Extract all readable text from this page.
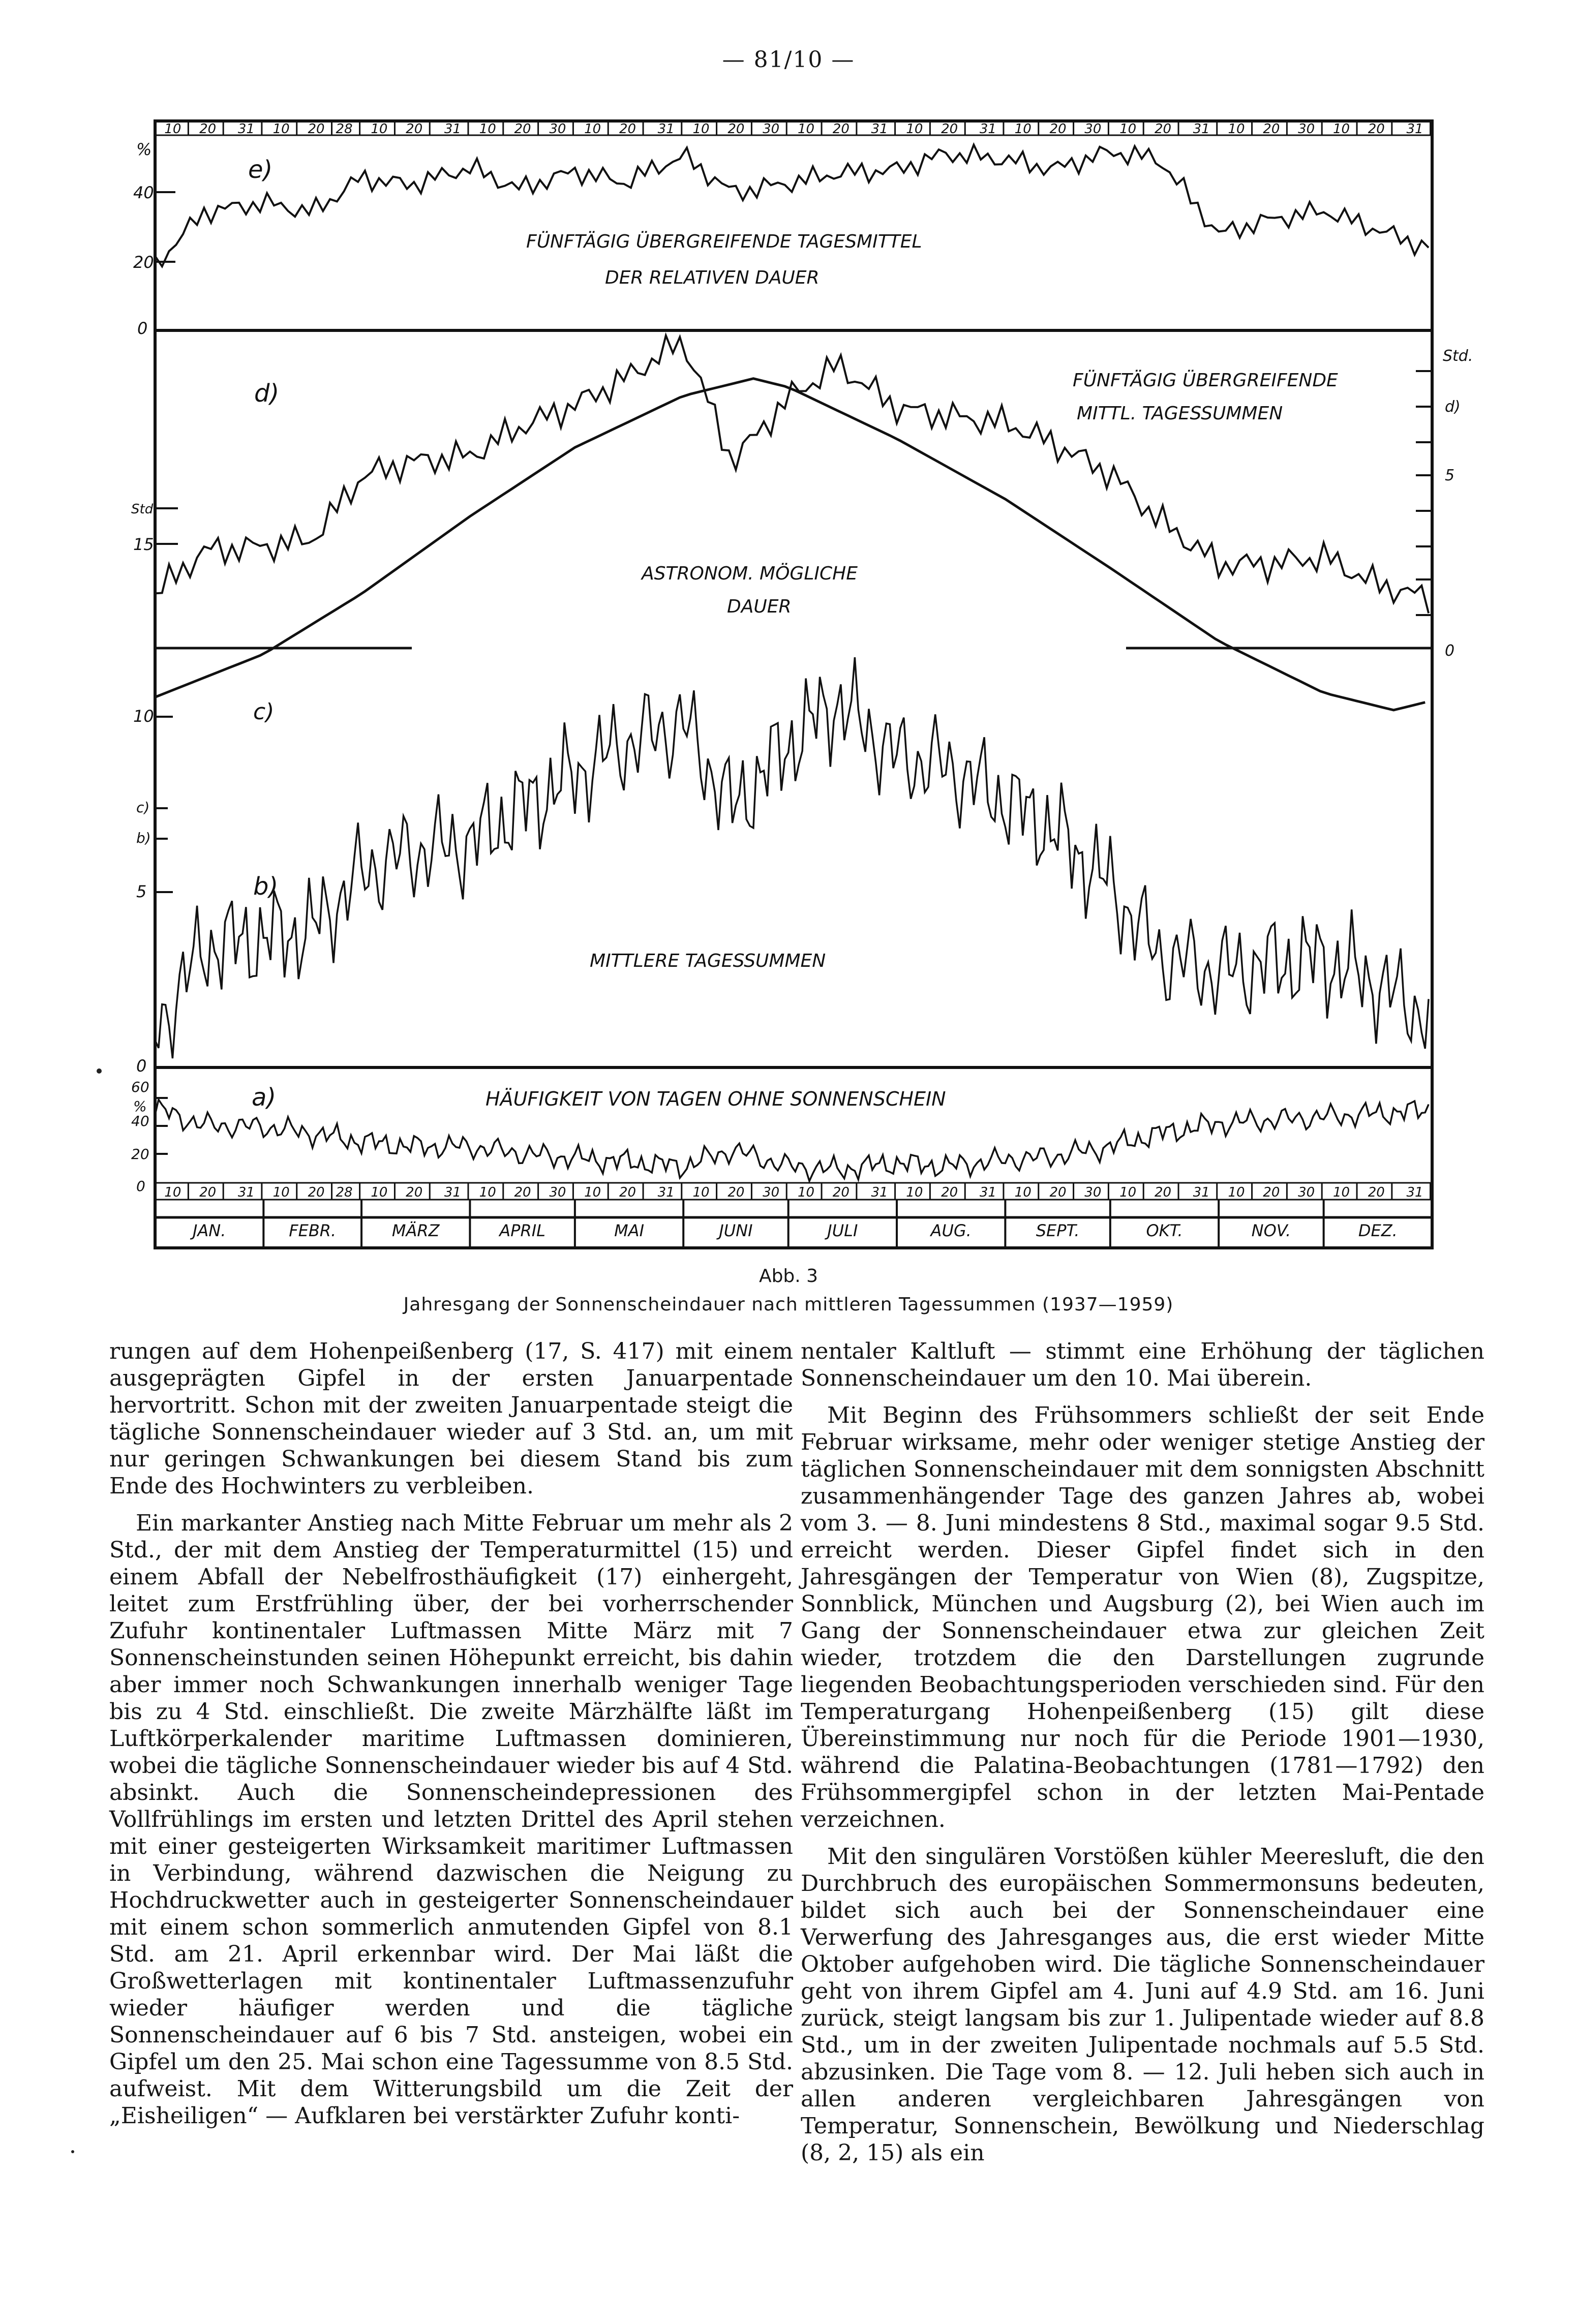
— 81/10 —
10 20 31 10 20 28 10 20 31 10 20 30 10 20 31 10 20 30 10 20 31 10 20 31 10 20 30 10 20 31 10 20 30 10 20 31
10 20 31 10 20 28 10 20 31 10 20 30 10 20 31 10 20 30 10 20 31 10 20 31 10 20 30 10 20 31 10 20 30 10 20 31
JAN.	FEBR.	MÄRZ	APRIL	MAI	JUNI	JULI	AUG.	SEPT.	OKT.	NOV.	DEZ.
%
40
20
0
Std.
15
10
c)
b)
5
0
60
%
40
20
0
Std.
d)
5
0
e)
FÜNFTÄGIG ÜBERGREIFENDE TAGESMITTEL
DER RELATIVEN DAUER
d)	FÜNFTÄGIG ÜBERGREIFENDE
MITTL. TAGESSUMMEN
ASTRONOM. MÖGLICHE
DAUER
c)
b)
MITTLERE TAGESSUMMEN
a)	HÄUFIGKEIT VON TAGEN OHNE SONNENSCHEIN
Abb. 3
Jahresgang der Sonnenscheindauer nach mittleren Tagessummen (1937—1959)

rungen auf dem Hohenpeißenberg (17, S. 417) mit einem ausgeprägten Gipfel in der ersten Januarpentade hervortritt. Schon mit der zweiten Januarpentade steigt die tägliche Sonnenscheindauer wieder auf 3 Std. an, um mit nur geringen Schwankungen bei diesem Stand bis zum Ende des Hochwinters zu verbleiben.

Ein markanter Anstieg nach Mitte Februar um mehr als 2 Std., der mit dem Anstieg der Temperaturmittel (15) und einem Abfall der Nebelfrosthäufigkeit (17) einhergeht, leitet zum Erstfrühling über, der bei vorherrschender Zufuhr kontinentaler Luftmassen Mitte März mit 7 Sonnenscheinstunden seinen Höhepunkt erreicht, bis dahin aber immer noch Schwankungen innerhalb weniger Tage bis zu 4 Std. einschließt. Die zweite Märzhälfte läßt im Luftkörperkalender maritime Luftmassen dominieren, wobei die tägliche Sonnenscheindauer wieder bis auf 4 Std. absinkt. Auch die Sonnenscheindepressionen des Vollfrühlings im ersten und letzten Drittel des April stehen mit einer gesteigerten Wirksamkeit maritimer Luftmassen in Verbindung, während dazwischen die Neigung zu Hochdruckwetter auch in gesteigerter Sonnenscheindauer mit einem schon sommerlich anmutenden Gipfel von 8.1 Std. am 21. April erkennbar wird. Der Mai läßt die Großwetterlagen mit kontinentaler Luftmassenzufuhr wieder häufiger werden und die tägliche Sonnenscheindauer auf 6 bis 7 Std. ansteigen, wobei ein Gipfel um den 25. Mai schon eine Tagessumme von 8.5 Std. aufweist. Mit dem Witterungsbild um die Zeit der „Eisheiligen“ — Aufklaren bei verstärkter Zufuhr konti-

nentaler Kaltluft — stimmt eine Erhöhung der täglichen Sonnenscheindauer um den 10. Mai überein.

Mit Beginn des Frühsommers schließt der seit Ende Februar wirksame, mehr oder weniger stetige Anstieg der täglichen Sonnenscheindauer mit dem sonnigsten Abschnitt zusammenhängender Tage des ganzen Jahres ab, wobei vom 3. — 8. Juni mindestens 8 Std., maximal sogar 9.5 Std. erreicht werden. Dieser Gipfel findet sich in den Jahresgängen der Temperatur von Wien (8), Zugspitze, Sonnblick, München und Augsburg (2), bei Wien auch im Gang der Sonnenscheindauer etwa zur gleichen Zeit wieder, trotzdem die den Darstellungen zugrunde liegenden Beobachtungsperioden verschieden sind. Für den Temperaturgang Hohenpeißenberg (15) gilt diese Übereinstimmung nur noch für die Periode 1901—1930, während die Palatina-Beobachtungen (1781—1792) den Frühsommergipfel schon in der letzten Mai-Pentade verzeichnen.

Mit den singulären Vorstößen kühler Meeresluft, die den Durchbruch des europäischen Sommermonsuns bedeuten, bildet sich auch bei der Sonnenscheindauer eine Verwerfung des Jahresganges aus, die erst wieder Mitte Oktober aufgehoben wird. Die tägliche Sonnenscheindauer geht von ihrem Gipfel am 4. Juni auf 4.9 Std. am 16. Juni zurück, steigt langsam bis zur 1. Julipentade wieder auf 8.8 Std., um in der zweiten Julipentade nochmals auf 5.5 Std. abzusinken. Die Tage vom 8. — 12. Juli heben sich auch in allen anderen vergleichbaren Jahresgängen von Temperatur, Sonnenschein, Bewölkung und Niederschlag (8, 2, 15) als ein
